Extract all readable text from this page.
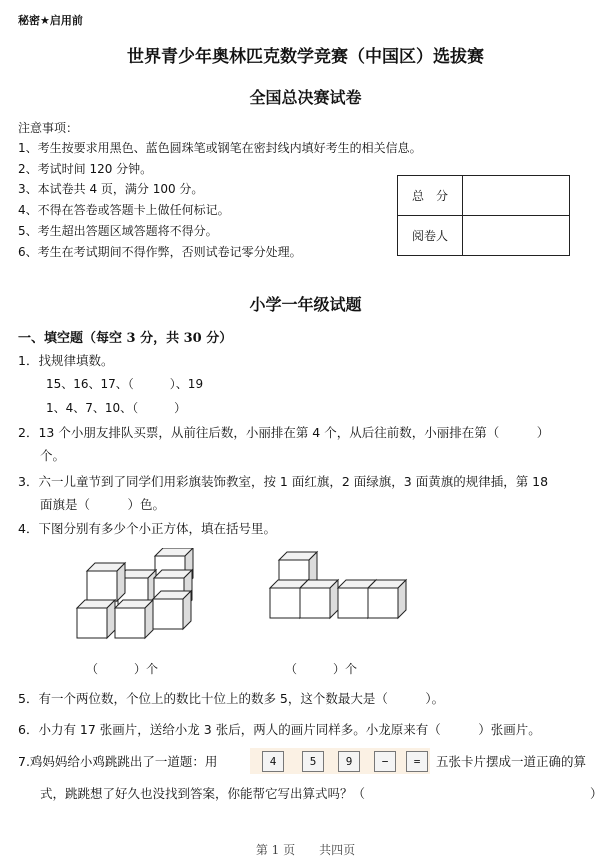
秘密★启用前
世界青少年奥林匹克数学竞赛（中国区）选拔赛
全国总决赛试卷
注意事项：
1、考生按要求用黑色、蓝色圆珠笔或钢笔在密封线内填好考生的相关信息。
2、考试时间 120 分钟。
3、本试卷共 4 页，满分 100 分。
4、不得在答卷或答题卡上做任何标记。
5、考生超出答题区域答题将不得分。
6、考生在考试期间不得作弊，否则试卷记零分处理。
总　分	
阅卷人	
小学一年级试题
一、填空题（每空 3 分，共 30 分）
1．找规律填数。
15、16、17、（　　　）、19
1、4、7、10、（　　　）
2．13 个小朋友排队买票，从前往后数，小丽排在第 4 个，从后往前数，小丽排在第（　　　）
个。
3．六一儿童节到了同学们用彩旗装饰教室，按 1 面红旗，2 面绿旗，3 面黄旗的规律插，第 18
面旗是（　　　）色。
4．下图分别有多少个小正方体，填在括号里。
（　　　）个	（　　　）个
5．有一个两位数，个位上的数比十位上的数多 5，这个数最大是（　　　）。
6．小力有 17 张画片，送给小龙 3 张后，两人的画片同样多。小龙原来有（　　　）张画片。
7.鸡妈妈给小鸡跳跳出了一道题：用	4	5	9	−	=	五张卡片摆成一道正确的算
式，跳跳想了好久也没找到答案，你能帮它写出算式吗？（　　　　　　　　　　　　　　　　　　）
第 1 页　　共四页
